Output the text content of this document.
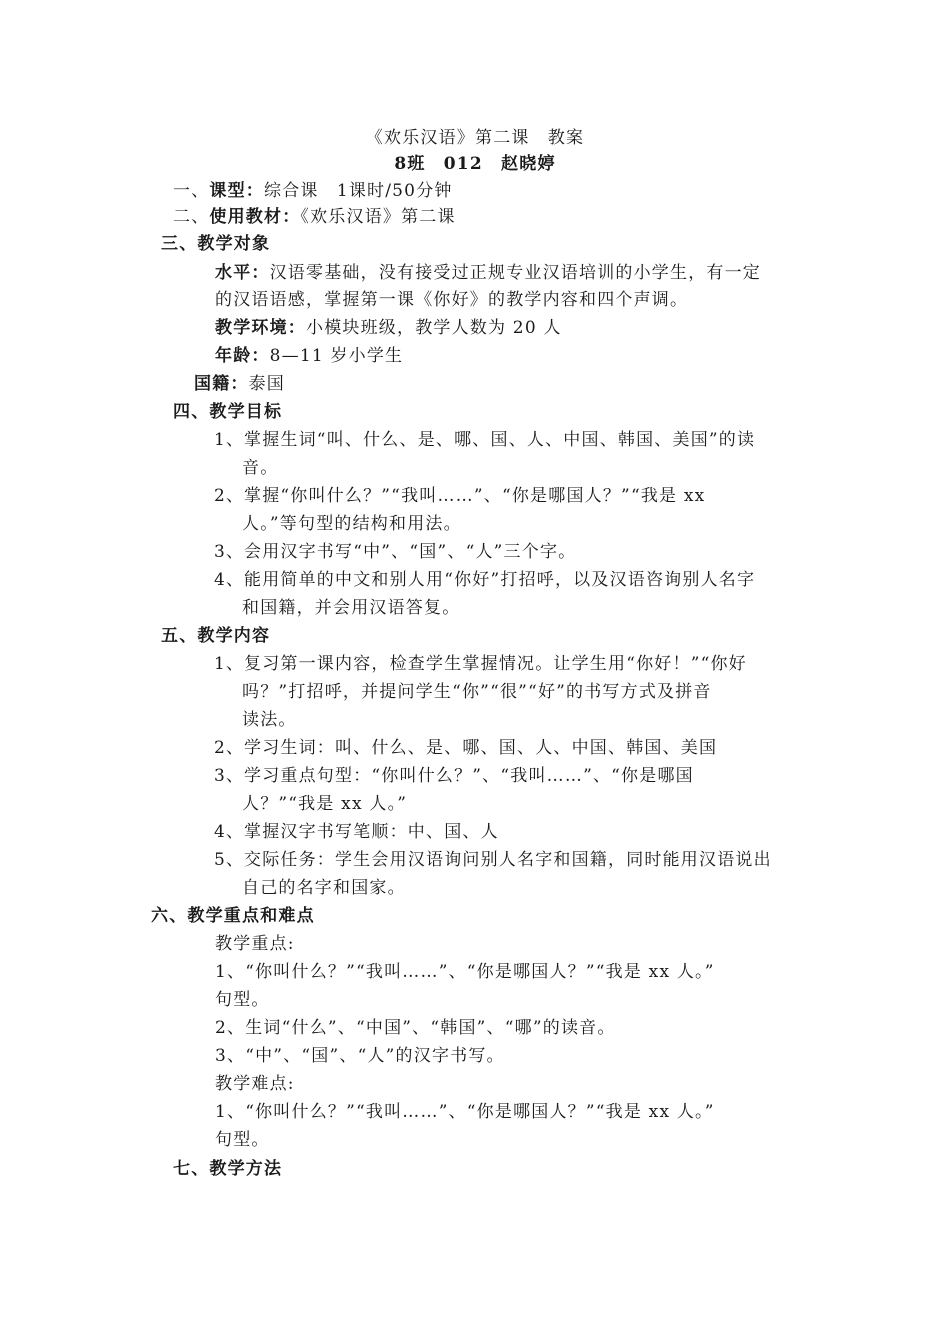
《欢乐汉语》第二课　教案
8班　012　赵晓婷
一、课型：综合课　1课时/50分钟
二、使用教材：《欢乐汉语》第二课
三、教学对象
水平：汉语零基础，没有接受过正规专业汉语培训的小学生，有一定
的汉语语感，掌握第一课《你好》的教学内容和四个声调。
教学环境：小模块班级，教学人数为 20 人
年龄：8—11 岁小学生
国籍：泰国
四、教学目标
1、 掌握生词“叫、什么、是、哪、国、人、中国、韩国、美国”的读
音。
2、 掌握“你叫什么？”“我叫……”、“你是哪国人？”“我是 xx
人。”等句型的结构和用法。
3、 会用汉字书写“中”、“国”、“人”三个字。
4、 能用简单的中文和别人用“你好”打招呼，以及汉语咨询别人名字
和国籍，并会用汉语答复。
五、教学内容
1、 复习第一课内容，检查学生掌握情况。让学生用“你好！”“你好
吗？”打招呼，并提问学生“你”“很”“好”的书写方式及拼音
读法。
2、 学习生词：叫、什么、是、哪、国、人、中国、韩国、美国
3、 学习重点句型：“你叫什么？”、“我叫……”、“你是哪国
人？”“我是 xx 人。”
4、 掌握汉字书写笔顺：中、国、人
5、 交际任务：学生会用汉语询问别人名字和国籍，同时能用汉语说出
自己的名字和国家。
六、教学重点和难点
教学重点:
1、“你叫什么？”“我叫……”、“你是哪国人？”“我是 xx 人。”
句型。
2、生词“什么”、“中国”、“韩国”、“哪”的读音。
3、“中”、“国”、“人”的汉字书写。
教学难点:
1、“你叫什么？”“我叫……”、“你是哪国人？”“我是 xx 人。”
句型。
七、教学方法
